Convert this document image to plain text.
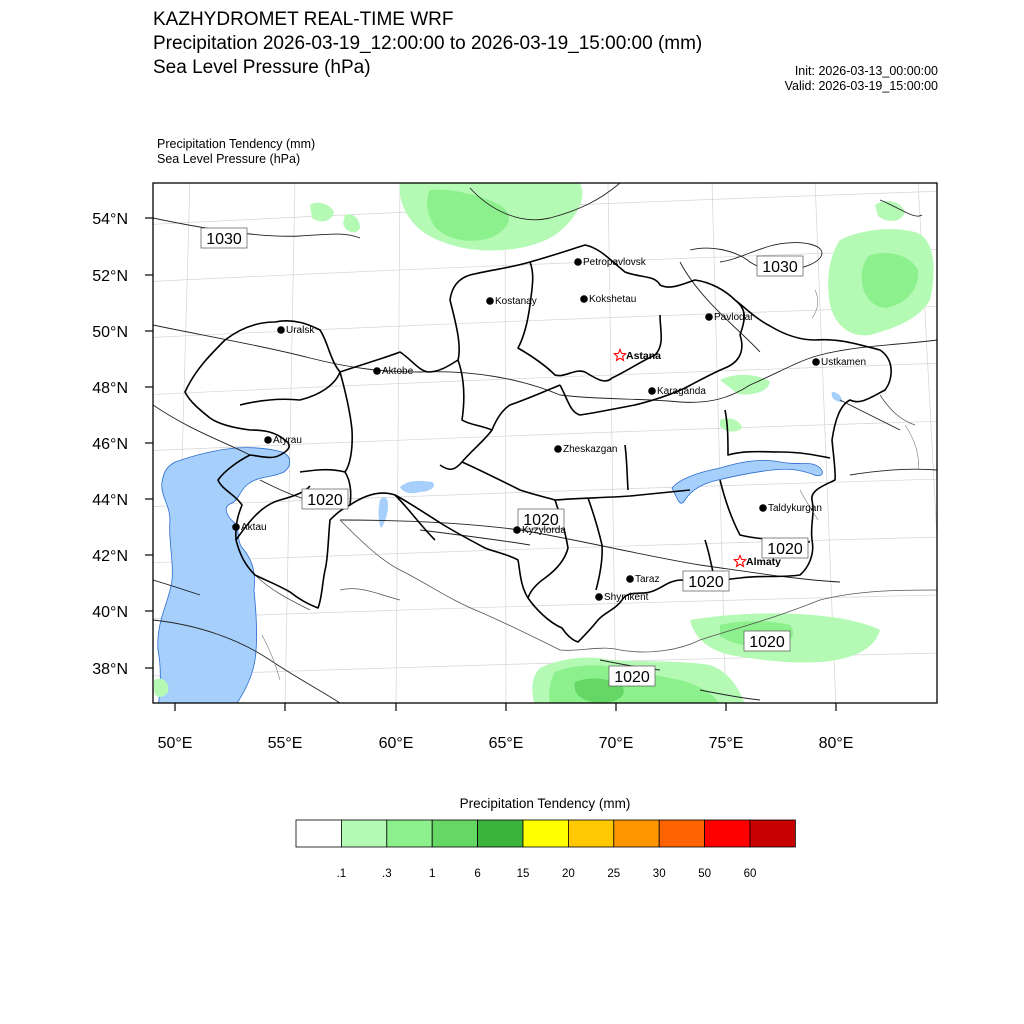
KAZHYDROMET REAL-TIME WRF
Precipitation 2026-03-19_12:00:00 to 2026-03-19_15:00:00 (mm)
Sea Level Pressure (hPa)	Init: 2026-03-13_00:00:00
Valid: 2026-03-19_15:00:00
Precipitation Tendency (mm)
Sea Level Pressure (hPa)
54°N
52°N
50°N
48°N
46°N
44°N
42°N
40°N
38°N
50°E	55°E	60°E	65°E	70°E	75°E	80°E
1030
1030
1020
1020
1020
1020
1020
1020
Petropavlovsk
Kostanay	Kokshetau
Pavlodar
Uralsk
Astana
Aktobe
Ustkamen
Karaganda
Atyrau
Zheskazgan
Aktau	Kyzylorda
Taldykurgan
Almaty
Taraz
Shymkent
Precipitation Tendency (mm)
.1	.3	1	6	15	20	25	30	50	60
